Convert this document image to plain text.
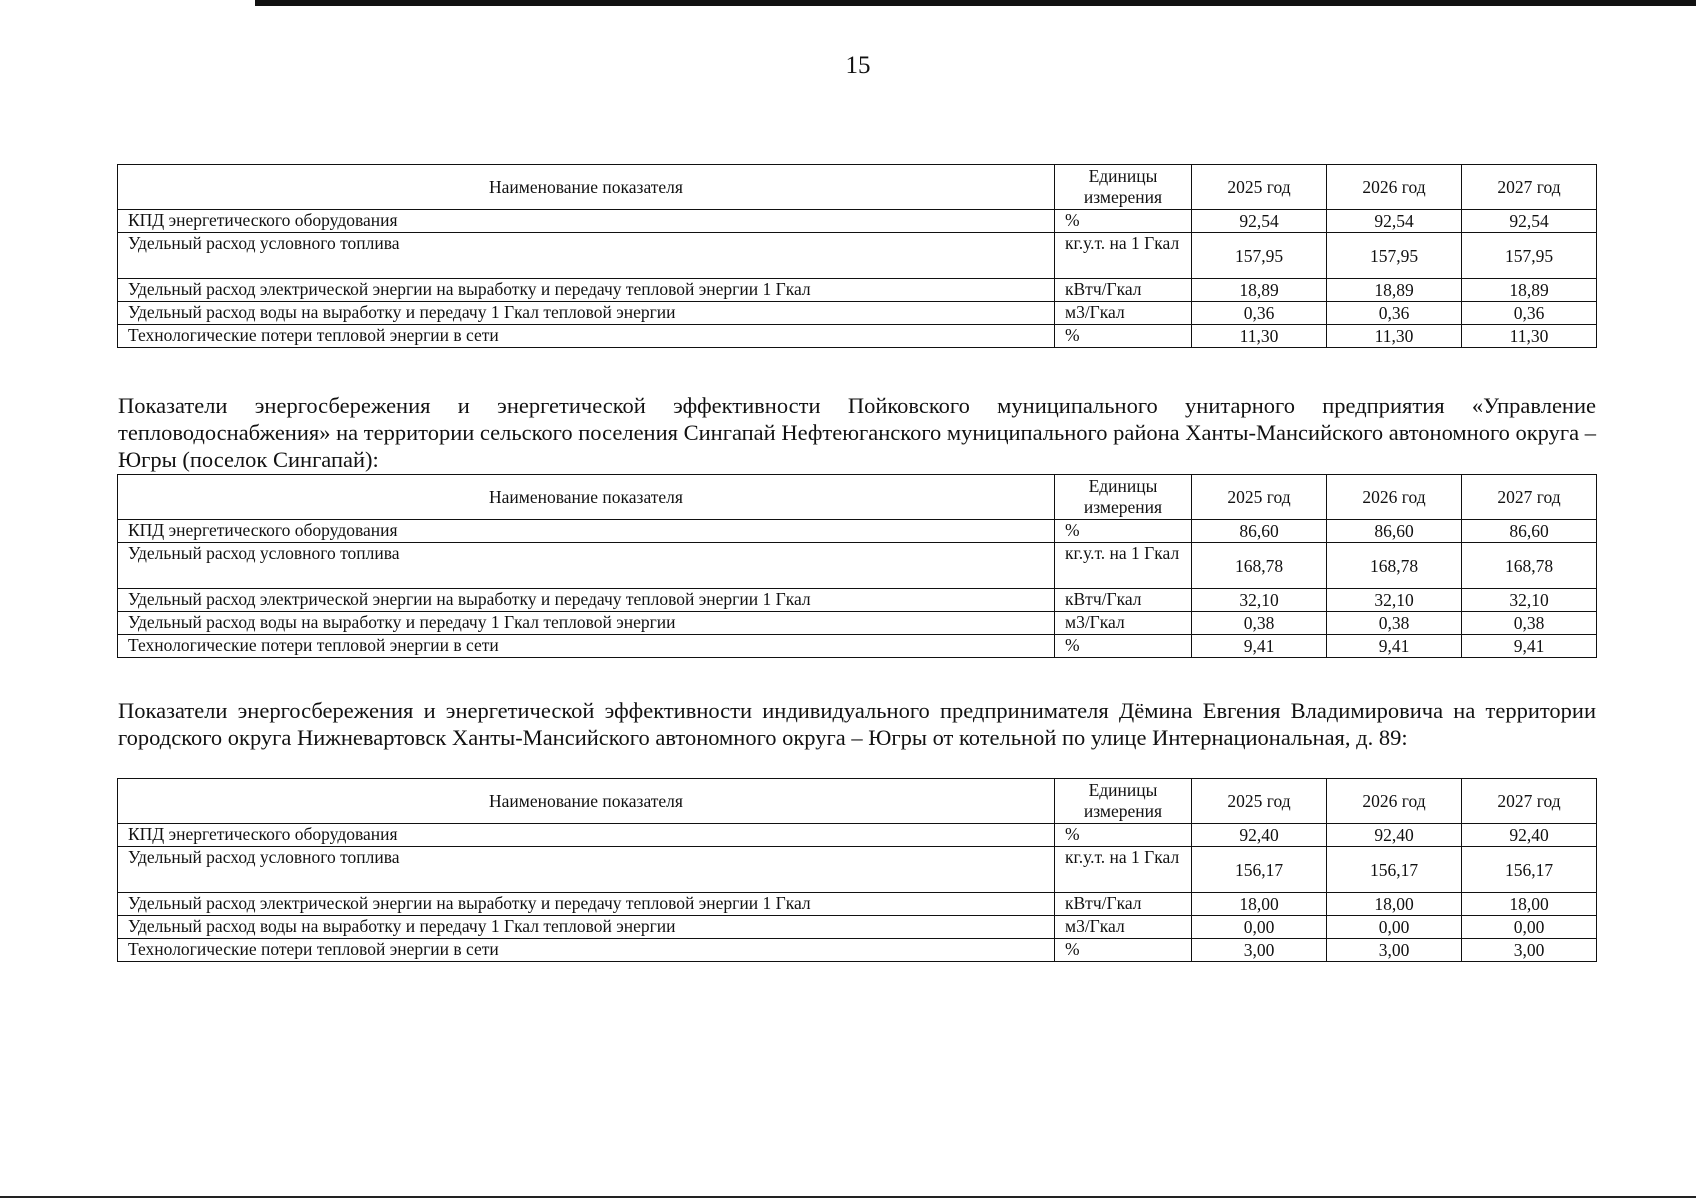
15
Наименование показателя	Единицы измерения	2025 год	2026 год	2027 год
КПД энергетического оборудования	%	92,54	92,54	92,54
Удельный расход условного топлива	кг.у.т. на 1 Гкал	157,95	157,95	157,95
Удельный расход электрической энергии на выработку и передачу тепловой энергии 1 Гкал	кВтч/Гкал	18,89	18,89	18,89
Удельный расход воды на выработку и передачу 1 Гкал тепловой энергии	м3/Гкал	0,36	0,36	0,36
Технологические потери тепловой энергии в сети	%	11,30	11,30	11,30

Показатели энергосбережения и энергетической эффективности Пойковского муниципального унитарного предприятия «Управление тепловодоснабжения» на территории сельского поселения Сингапай Нефтеюганского муниципального района Ханты-Мансийского автономного округа – Югры (поселок Сингапай):

Наименование показателя	Единицы измерения	2025 год	2026 год	2027 год
КПД энергетического оборудования	%	86,60	86,60	86,60
Удельный расход условного топлива	кг.у.т. на 1 Гкал	168,78	168,78	168,78
Удельный расход электрической энергии на выработку и передачу тепловой энергии 1 Гкал	кВтч/Гкал	32,10	32,10	32,10
Удельный расход воды на выработку и передачу 1 Гкал тепловой энергии	м3/Гкал	0,38	0,38	0,38
Технологические потери тепловой энергии в сети	%	9,41	9,41	9,41

Показатели энергосбережения и энергетической эффективности индивидуального предпринимателя Дёмина Евгения Владимировича на территории городского округа Нижневартовск Ханты-Мансийского автономного округа – Югры от котельной по улице Интернациональная, д. 89:

Наименование показателя	Единицы измерения	2025 год	2026 год	2027 год
КПД энергетического оборудования	%	92,40	92,40	92,40
Удельный расход условного топлива	кг.у.т. на 1 Гкал	156,17	156,17	156,17
Удельный расход электрической энергии на выработку и передачу тепловой энергии 1 Гкал	кВтч/Гкал	18,00	18,00	18,00
Удельный расход воды на выработку и передачу 1 Гкал тепловой энергии	м3/Гкал	0,00	0,00	0,00
Технологические потери тепловой энергии в сети	%	3,00	3,00	3,00
